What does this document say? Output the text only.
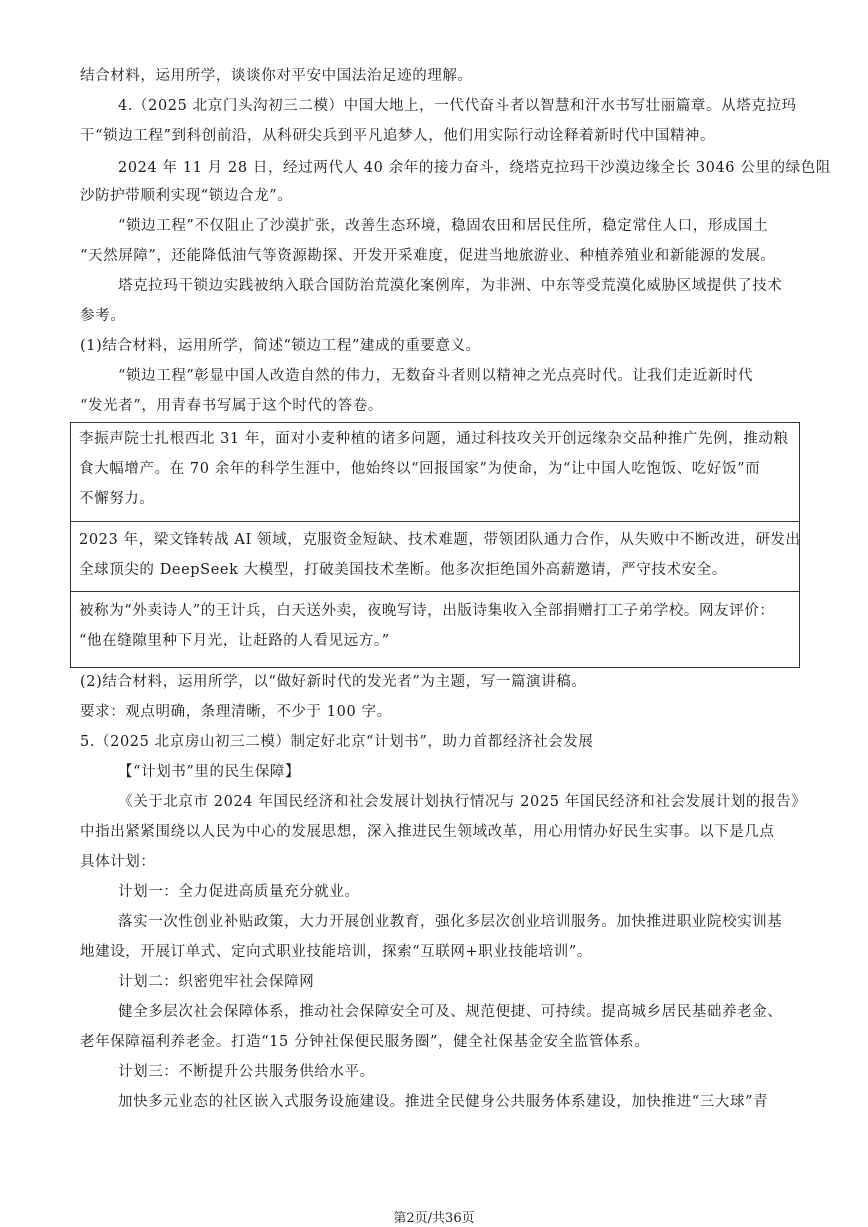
结合材料，运用所学，谈谈你对平安中国法治足迹的理解。
4.（2025 北京门头沟初三二模）中国大地上，一代代奋斗者以智慧和汗水书写壮丽篇章。从塔克拉玛
干“锁边工程”到科创前沿，从科研尖兵到平凡追梦人，他们用实际行动诠释着新时代中国精神。
2024 年 11 月 28 日，经过两代人 40 余年的接力奋斗，绕塔克拉玛干沙漠边缘全长 3046 公里的绿色阻
沙防护带顺利实现“锁边合龙”。
“锁边工程”不仅阻止了沙漠扩张，改善生态环境，稳固农田和居民住所，稳定常住人口，形成国土
“天然屏障”，还能降低油气等资源勘探、开发开采难度，促进当地旅游业、种植养殖业和新能源的发展。
塔克拉玛干锁边实践被纳入联合国防治荒漠化案例库，为非洲、中东等受荒漠化威胁区域提供了技术
参考。
(1)结合材料，运用所学，简述“锁边工程”建成的重要意义。
“锁边工程”彰显中国人改造自然的伟力，无数奋斗者则以精神之光点亮时代。让我们走近新时代
“发光者”，用青春书写属于这个时代的答卷。
李振声院士扎根西北 31 年，面对小麦种植的诸多问题，通过科技攻关开创远缘杂交品种推广先例，推动粮
食大幅增产。在 70 余年的科学生涯中，他始终以“回报国家”为使命，为“让中国人吃饱饭、吃好饭”而
不懈努力。
2023 年，梁文锋转战 AI 领域，克服资金短缺、技术难题，带领团队通力合作，从失败中不断改进，研发出
全球顶尖的 DeepSeek 大模型，打破美国技术垄断。他多次拒绝国外高薪邀请，严守技术安全。
被称为“外卖诗人”的王计兵，白天送外卖，夜晚写诗，出版诗集收入全部捐赠打工子弟学校。网友评价：
“他在缝隙里种下月光，让赶路的人看见远方。”
(2)结合材料，运用所学，以“做好新时代的发光者”为主题，写一篇演讲稿。
要求：观点明确，条理清晰，不少于 100 字。
5.（2025 北京房山初三二模）制定好北京“计划书”，助力首都经济社会发展
【“计划书”里的民生保障】
《关于北京市 2024 年国民经济和社会发展计划执行情况与 2025 年国民经济和社会发展计划的报告》
中指出紧紧围绕以人民为中心的发展思想，深入推进民生领域改革，用心用情办好民生实事。以下是几点
具体计划：
计划一：全力促进高质量充分就业。
落实一次性创业补贴政策，大力开展创业教育，强化多层次创业培训服务。加快推进职业院校实训基
地建设，开展订单式、定向式职业技能培训，探索“互联网+职业技能培训”。
计划二：织密兜牢社会保障网
健全多层次社会保障体系，推动社会保障安全可及、规范便捷、可持续。提高城乡居民基础养老金、
老年保障福利养老金。打造“15 分钟社保便民服务圈”，健全社保基金安全监管体系。
计划三：不断提升公共服务供给水平。
加快多元业态的社区嵌入式服务设施建设。推进全民健身公共服务体系建设，加快推进“三大球”青
第2页/共36页
